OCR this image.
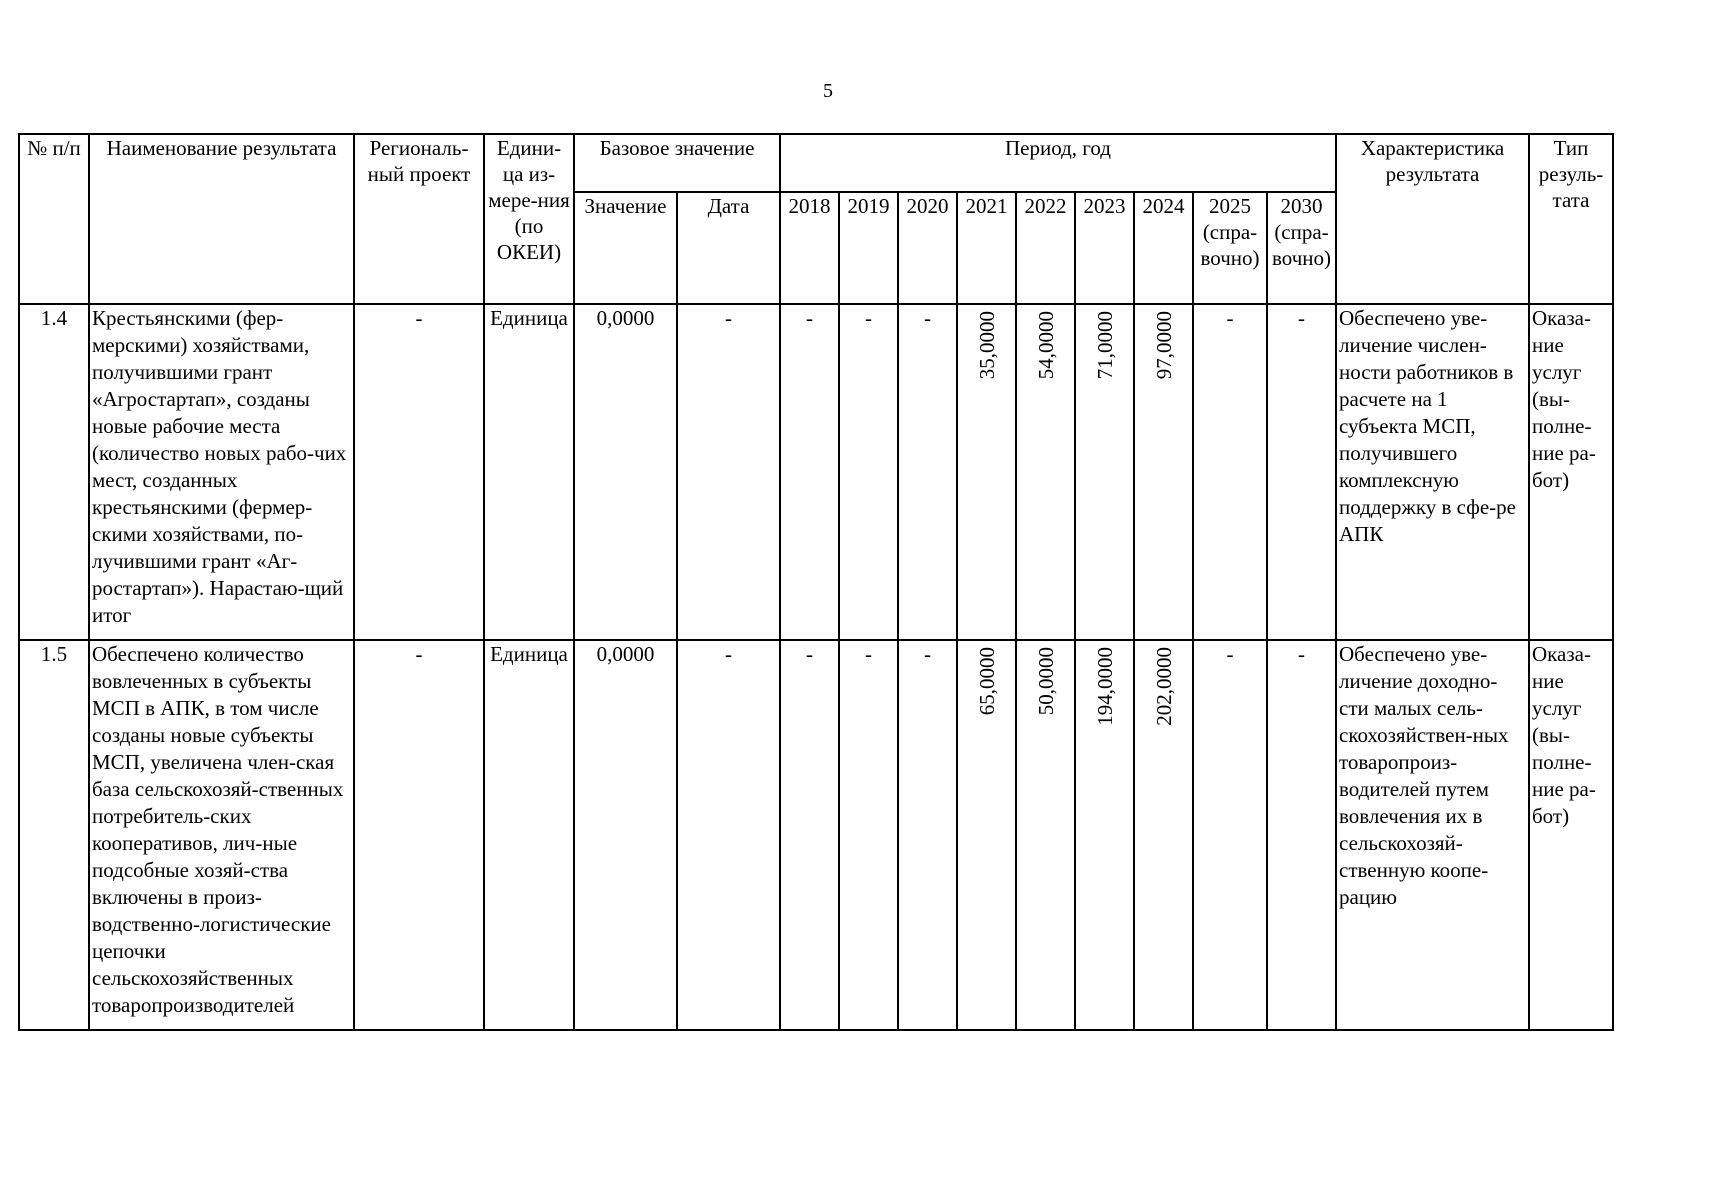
5
№ п/п	Наименование результата	Региональ-ный проект	Едини-ца из-мере-ния (по ОКЕИ)	Базовое значение		Период, год									Характеристика результата	Тип резуль-тата
				Значение	Дата	2018	2019	2020	2021	2022	2023	2024	2025 (спра-вочно)	2030 (спра-вочно)		
1.4	Крестьянскими (фер-мерскими) хозяйствами, получившими грант «Агростартап», созданы новые рабочие места (количество новых рабо-чих мест, созданных крестьянскими (фермер-скими хозяйствами, по-лучившими грант «Аг-ростартап»). Нарастаю-щий итог	-	Единица	0,0000	-	-	-	-	35,0000	54,0000	71,0000	97,0000	-	-	Обеспечено уве-личение числен-ности работников в расчете на 1 субъекта МСП, получившего комплексную поддержку в сфе-ре АПК	Оказа-ние услуг (вы-полне-ние ра-бот)
1.5	Обеспечено количество вовлеченных в субъекты МСП в АПК, в том числе созданы новые субъекты МСП, увеличена член-ская база сельскохозяй-ственных потребитель-ских кооперативов, лич-ные подсобные хозяй-ства включены в произ-водственно-логистические цепочки сельскохозяйственных товаропроизводителей	-	Единица	0,0000	-	-	-	-	65,0000	50,0000	194,0000	202,0000	-	-	Обеспечено уве-личение доходно-сти малых сель-скохозяйствен-ных товаропроиз-водителей путем вовлечения их в сельскохозяй-ственную коопе-рацию	Оказа-ние услуг (вы-полне-ние ра-бот)
